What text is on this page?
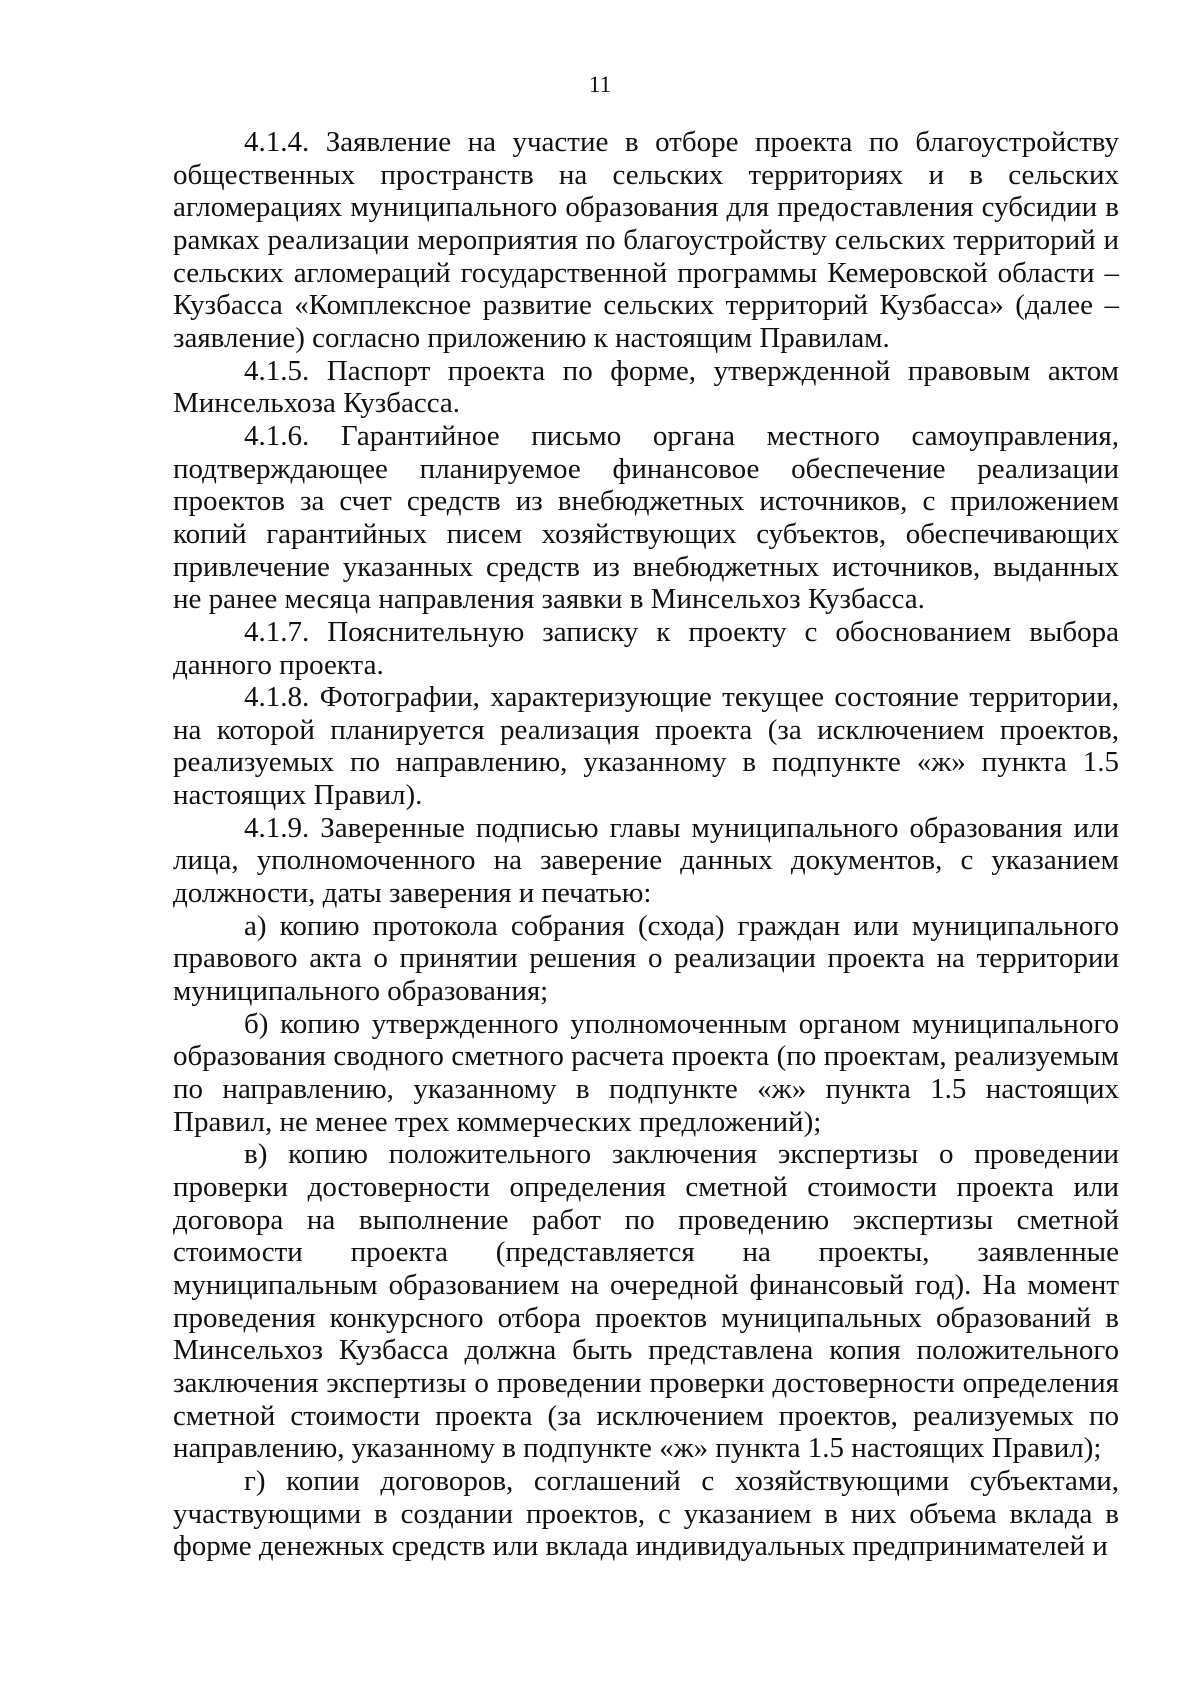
11

4.1.4. Заявление на участие в отборе проекта по благоустройству общественных пространств на сельских территориях и в сельских агломерациях муниципального образования для предоставления субсидии в рамках реализации мероприятия по благоустройству сельских территорий и сельских агломераций государственной программы Кемеровской области – Кузбасса «Комплексное развитие сельских территорий Кузбасса» (далее – заявление) согласно приложению к настоящим Правилам.

4.1.5. Паспорт проекта по форме, утвержденной правовым актом Минсельхоза Кузбасса.

4.1.6. Гарантийное письмо органа местного самоуправления, подтверждающее планируемое финансовое обеспечение реализации проектов за счет средств из внебюджетных источников, с приложением копий гарантийных писем хозяйствующих субъектов, обеспечивающих привлечение указанных средств из внебюджетных источников, выданных не ранее месяца направления заявки в Минсельхоз Кузбасса.

4.1.7. Пояснительную записку к проекту с обоснованием выбора данного проекта.

4.1.8. Фотографии, характеризующие текущее состояние территории, на которой планируется реализация проекта (за исключением проектов, реализуемых по направлению, указанному в подпункте «ж» пункта 1.5 настоящих Правил).

4.1.9. Заверенные подписью главы муниципального образования или лица, уполномоченного на заверение данных документов, с указанием должности, даты заверения и печатью:

а) копию протокола собрания (схода) граждан или муниципального правового акта о принятии решения о реализации проекта на территории муниципального образования;

б) копию утвержденного уполномоченным органом муниципального образования сводного сметного расчета проекта (по проектам, реализуемым по направлению, указанному в подпункте «ж» пункта 1.5 настоящих Правил, не менее трех коммерческих предложений);

в) копию положительного заключения экспертизы о проведении проверки достоверности определения сметной стоимости проекта или договора на выполнение работ по проведению экспертизы сметной стоимости проекта (представляется на проекты, заявленные муниципальным образованием на очередной финансовый год). На момент проведения конкурсного отбора проектов муниципальных образований в Минсельхоз Кузбасса должна быть представлена копия положительного заключения экспертизы о проведении проверки достоверности определения сметной стоимости проекта (за исключением проектов, реализуемых по направлению, указанному в подпункте «ж» пункта 1.5 настоящих Правил);

г) копии договоров, соглашений с хозяйствующими субъектами, участвующими в создании проектов, с указанием в них объема вклада в форме денежных средств или вклада индивидуальных предпринимателей и
